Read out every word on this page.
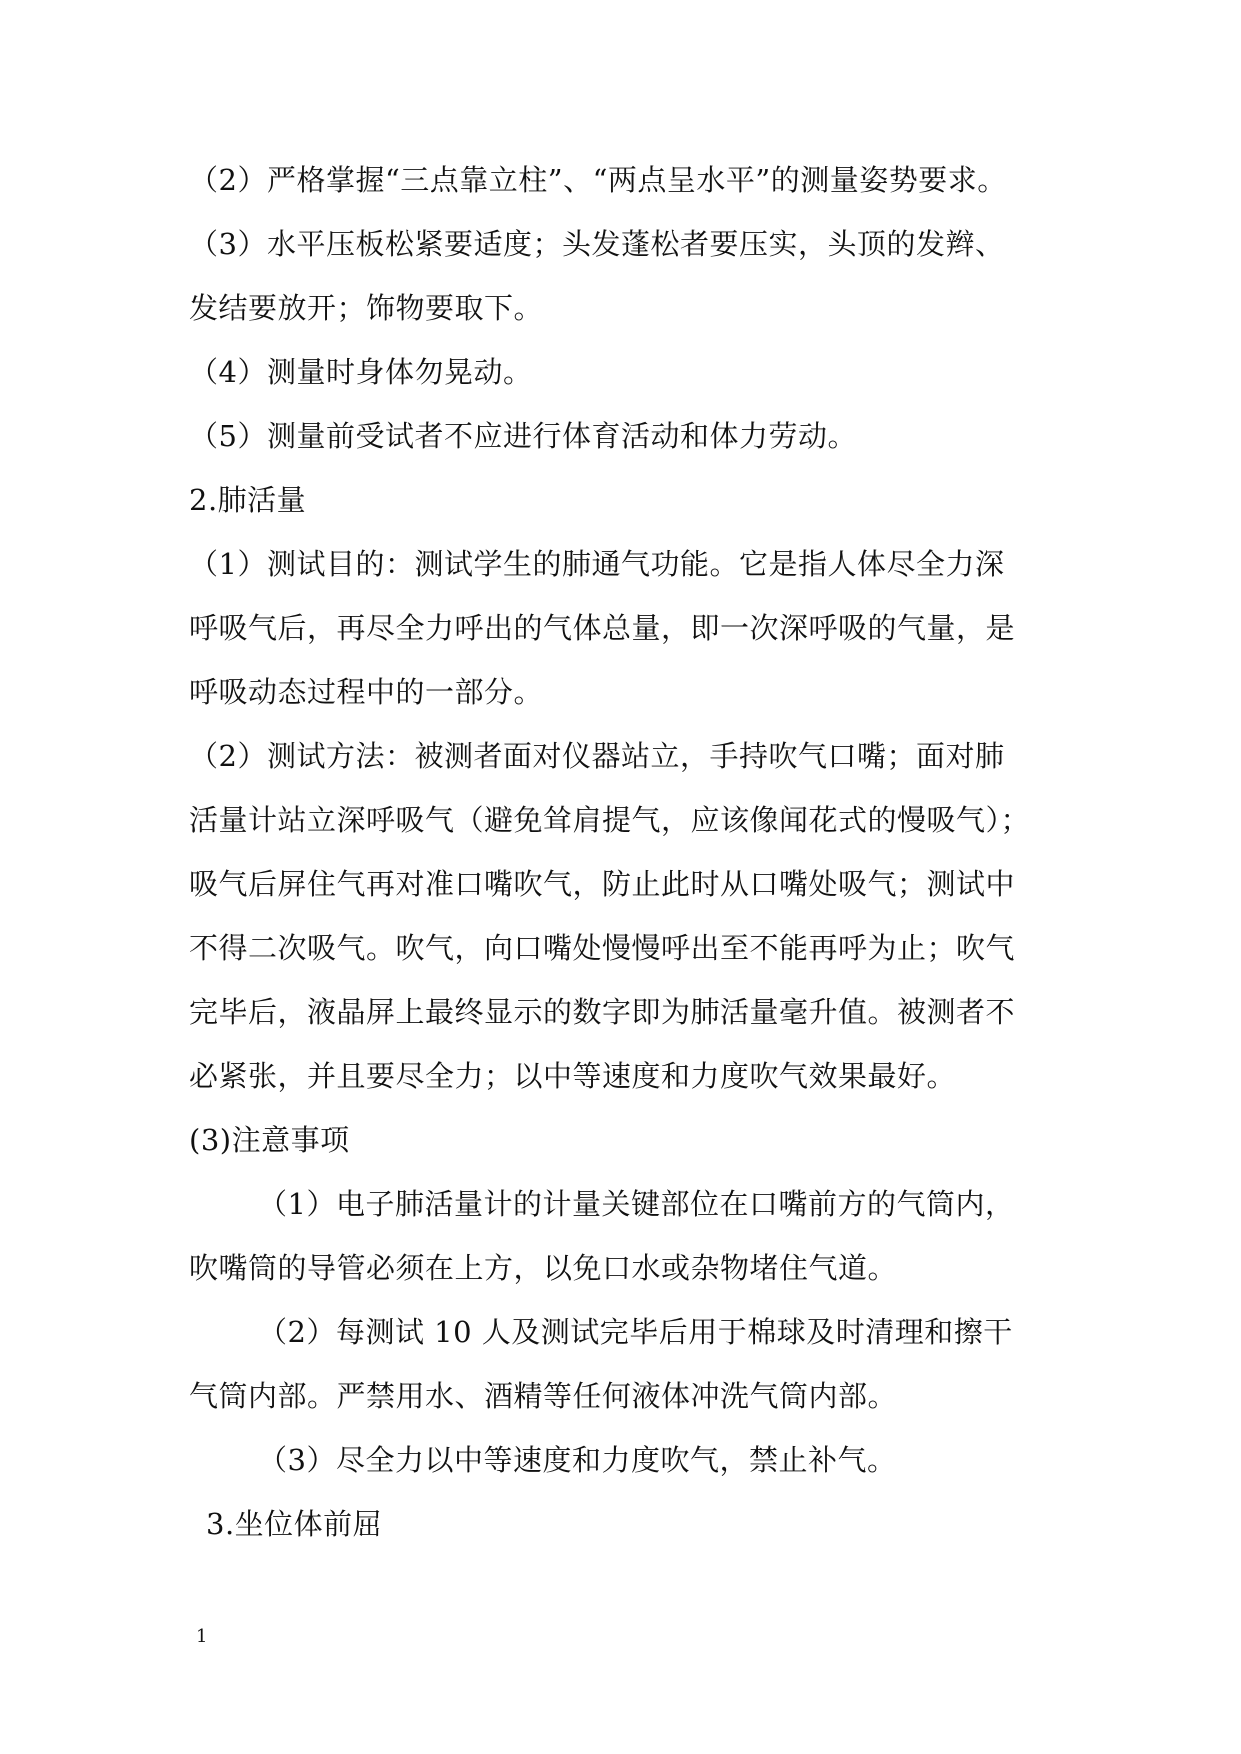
（2）严格掌握“三点靠立柱”、“两点呈水平”的测量姿势要求。
（3）水平压板松紧要适度；头发蓬松者要压实，头顶的发辫、
发结要放开；饰物要取下。
（4）测量时身体勿晃动。
（5）测量前受试者不应进行体育活动和体力劳动。
2.肺活量
（1）测试目的：测试学生的肺通气功能。它是指人体尽全力深
呼吸气后，再尽全力呼出的气体总量，即一次深呼吸的气量，是
呼吸动态过程中的一部分。
（2）测试方法：被测者面对仪器站立，手持吹气口嘴；面对肺
活量计站立深呼吸气（避免耸肩提气，应该像闻花式的慢吸气）；
吸气后屏住气再对准口嘴吹气，防止此时从口嘴处吸气；测试中
不得二次吸气。吹气，向口嘴处慢慢呼出至不能再呼为止；吹气
完毕后，液晶屏上最终显示的数字即为肺活量毫升值。被测者不
必紧张，并且要尽全力；以中等速度和力度吹气效果最好。
(3)注意事项
（1）电子肺活量计的计量关键部位在口嘴前方的气筒内，
吹嘴筒的导管必须在上方，以免口水或杂物堵住气道。
（2）每测试 10 人及测试完毕后用于棉球及时清理和擦干
气筒内部。严禁用水、酒精等任何液体冲洗气筒内部。
（3）尽全力以中等速度和力度吹气，禁止补气。
3.坐位体前屈
1
